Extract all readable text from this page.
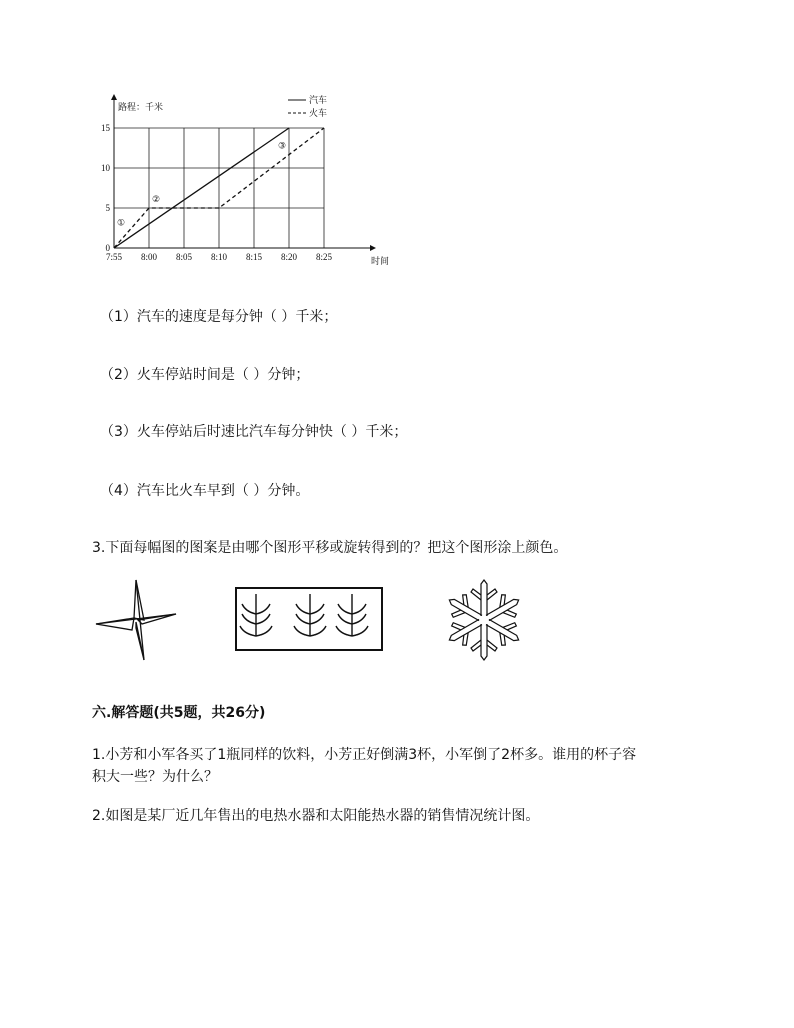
7:55 8:00 8:05 8:10 8:15 8:20 8:25
0
5
10
15
路程：千米
时间
①
②
③
汽车
火车
（1）汽车的速度是每分钟（ ）千米；
（2）火车停站时间是（ ）分钟；
（3）火车停站后时速比汽车每分钟快（ ）千米；
（4）汽车比火车早到（ ）分钟。
3.下面每幅图的图案是由哪个图形平移或旋转得到的？把这个图形涂上颜色。
六.解答题(共5题，共26分)
1.小芳和小军各买了1瓶同样的饮料，小芳正好倒满3杯，小军倒了2杯多。谁用的杯子容
积大一些？为什么？
2.如图是某厂近几年售出的电热水器和太阳能热水器的销售情况统计图。
